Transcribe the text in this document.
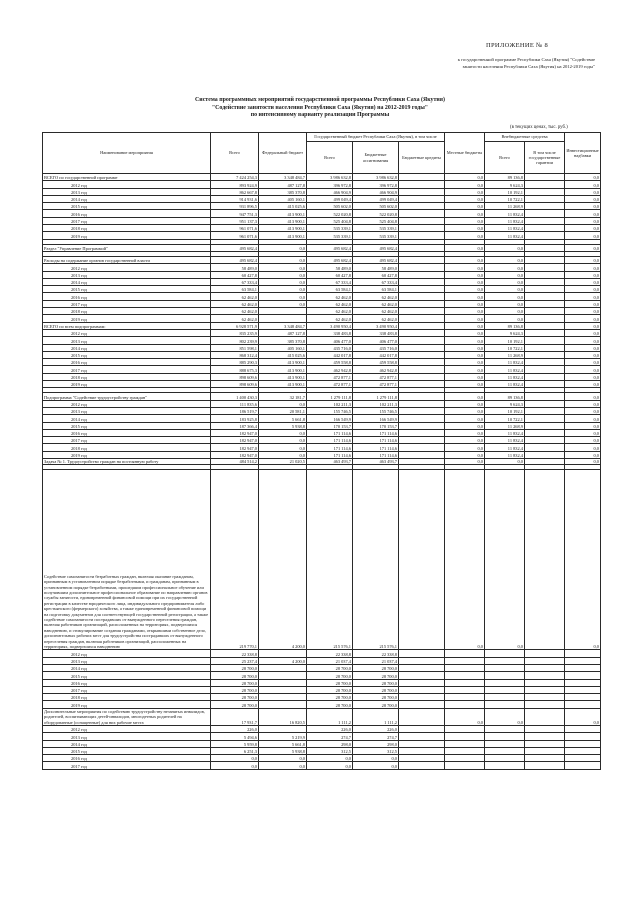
ПРИЛОЖЕНИЕ № 8
к государственной программе Республики Саха (Якутия) "Содействие занятости населения Республики Саха (Якутия) на 2012-2019 годы"
Система программных мероприятий государственной программы Республики Саха (Якутия)
"Содействие занятости населения Республики Саха (Якутия) на 2012-2019 годы"
по интенсивному варианту реализации Программы
(в текущих ценах, тыс. руб.)
Наименование мероприятия	Всего	Федеральный бюджет	Государственный бюджет Республики Саха (Якутия), в том числе			Местные бюджеты	Внебюджетные средства		Инвестиционные надбавки
			Всего	Бюджетные ассигнования	Бюджетные кредиты		Всего	В том числе государственные гарантии	

ВСЕГО по государственной программе	7 424 254,3	3 348 484,7	3 986 632,8	3 986 632,8		0,0	89 136,8		0,0
2012 год	893 924,9	487 127,8	396 972,8	396 972,8		0,0	9 624,3		0,0
2013 год	862 667,8	385 370,8	466 904,9	466 904,9		0,0	10 192,1		0,0
2014 год	914 931,6	405 160,1	499 049,4	499 049,4		0,0	10 722,1		0,0
2015 год	931 896,5	415 025,6	505 602,0	505 602,0		0,0	11 268,9		0,0
2016 год	947 751,3	413 900,1	522 020,8	522 020,8		0,0	11 832,4		0,0
2017 год	951 137,3	413 900,1	525 404,8	525 404,8		0,0	11 832,4		0,0
2018 год	961 071,6	413 900,1	535 339,1	535 339,1		0,0	11 832,4		0,0
2019 год	961 071,6	413 900,1	535 339,1	535 339,1		0,0	11 832,4		0,0

Раздел "Управление Программой"	495 682,4	0,0	495 682,4	495 682,4		0,0	0,0		0,0

Расходы на содержание органов государственной власти	495 682,4	0,0	495 682,4	495 682,4		0,0	0,0		0,0
2012 год	58 489,0	0,0	58 489,0	58 489,0		0,0	0,0		0,0
2013 год	60 427,8	0,0	60 427,8	60 427,8		0,0	0,0		0,0
2014 год	67 333,4	0,0	67 333,4	67 333,4		0,0	0,0		0,0
2015 год	63 584,1	0,0	63 584,1	63 584,1		0,0	0,0		0,0
2016 год	62 462,0	0,0	62 462,0	62 462,0		0,0	0,0		0,0
2017 год	62 462,0	0,0	62 462,0	62 462,0		0,0	0,0		0,0
2018 год	62 462,0		62 462,0	62 462,0		0,0	0,0		0,0
2019 год	62 462,0		62 462,0	62 462,0		0,0	0,0		0,0
ВСЕГО по всем подпрограммам:	6 928 571,9	3 348 484,7	3 490 950,4	3 490 950,4		0,0	89 136,8		0,0
2012 год	835 235,9	487 127,8	338 483,8	338 483,8		0,0	9 624,3		0,0
2013 год	802 239,9	385 370,8	406 477,0	406 477,0		0,0	10 192,1		0,0
2014 год	851 598,1	405 160,1	435 716,0	435 716,0		0,0	10 722,1		0,0
2015 год	868 312,4	415 025,6	442 017,8	442 017,8		0,0	11 268,9		0,0
2016 год	885 290,3	413 900,1	459 558,8	459 558,8		0,0	11 832,4		0,0
2017 год	888 675,3	413 900,1	462 942,8	462 942,8		0,0	11 832,4		0,0
2018 год	898 609,6	413 900,1	472 877,1	472 877,1		0,0	11 832,4		0,0
2019 год	898 609,6	413 900,1	472 877,1	472 877,1		0,0	11 832,4		0,0

Подпрограмма "Содействие трудоустройству граждан"	1 400 430,3	32 181,7	1 279 111,8	1 279 111,8		0,0	89 136,8		0,0
2012 год	111 835,6	0,0	102 211,3	102 211,3		0,0	9 624,3		0,0
2013 год	186 519,7	20 581,1	155 746,5	155 746,5		0,0	10 192,1		0,0
2014 год	183 925,8	5 661,8	166 549,9	166 549,9		0,0	10 722,1		0,0
2015 год	187 366,4	5 938,8	170 153,7	170 153,7		0,0	11 268,9		0,0
2016 год	182 947,0	0,0	171 114,6	171 114,6		0,0	11 832,4		0,0
2017 год	182 947,0	0,0	171 114,6	171 114,6		0,0	11 832,4		0,0
2018 год	182 947,0	0,0	171 114,6	171 114,6		0,0	11 832,4		0,0
2019 год	182 947,0	0,0	171 114,6	171 114,6		0,0	11 832,4		0,0
Задача № 1. Трудоустройство граждан на постоянную работу	484 514,2	21 020,5	463 493,7	463 493,7		0,0	0,0		0,0

Содействие самозанятости безработных граждан, включая оказание гражданам, признанным в установленном порядке безработными, и гражданам, признанным в установленном порядке безработными, прошедшим профессиональное обучение или получившим дополнительное профессиональное образование по направлению органов службы занятости, единовременной финансовой помощи при их государственной регистрации в качестве юридического лица, индивидуального предпринимателя либо крестьянского (фермерского) хозяйства, а также единовременной финансовой помощи на подготовку документов для соответствующей государственной регистрации, а также содействие самозанятости пострадавших от вынужденного переселения граждан, включая работников организаций, расположенных на территориях, подвергшихся наводнению, и стимулирование создания гражданами, открывшими собственное дело, дополнительных рабочих мест для трудоустройства пострадавших от вынужденного переселения граждан, включая работников организаций, расположенных на территориях, подвергшихся наводнению	219 770,1	4 200,0	215 576,1	215 576,1		0,0	0,0		0,0
2012 год	22 338,8		22 338,8	22 338,8					
2013 год	25 237,4	4 200,0	21 037,4	21 037,4					
2014 год	28 700,0		28 700,0	28 700,0					
2015 год	28 700,0		28 700,0	28 700,0					
2016 год	28 700,0		28 700,0	28 700,0					
2017 год	28 700,0		28 700,0	28 700,0					
2018 год	28 700,0		28 700,0	28 700,0					
2019 год	28 700,0		28 700,0	28 700,0					
Дополнительные мероприятия по содействию трудоустройству незанятых инвалидов, родителей, воспитывающих детей-инвалидов, многодетных родителей на оборудованные (оснащенные) для них рабочие места	17 931,7	16 820,5	1 111,2	1 111,2		0,0	0,0		0,0
2012 год	226,0		226,0	226,0					
2013 год	5 494,6	5 219,9	274,7	274,7					
2014 год	5 959,8	5 661,8	298,0	298,0					
2015 год	6 251,3	5 938,8	312,5	312,5					
2016 год	0,0	0,0	0,0	0,0					
2017 год	0,0	0,0	0,0	0,0					
